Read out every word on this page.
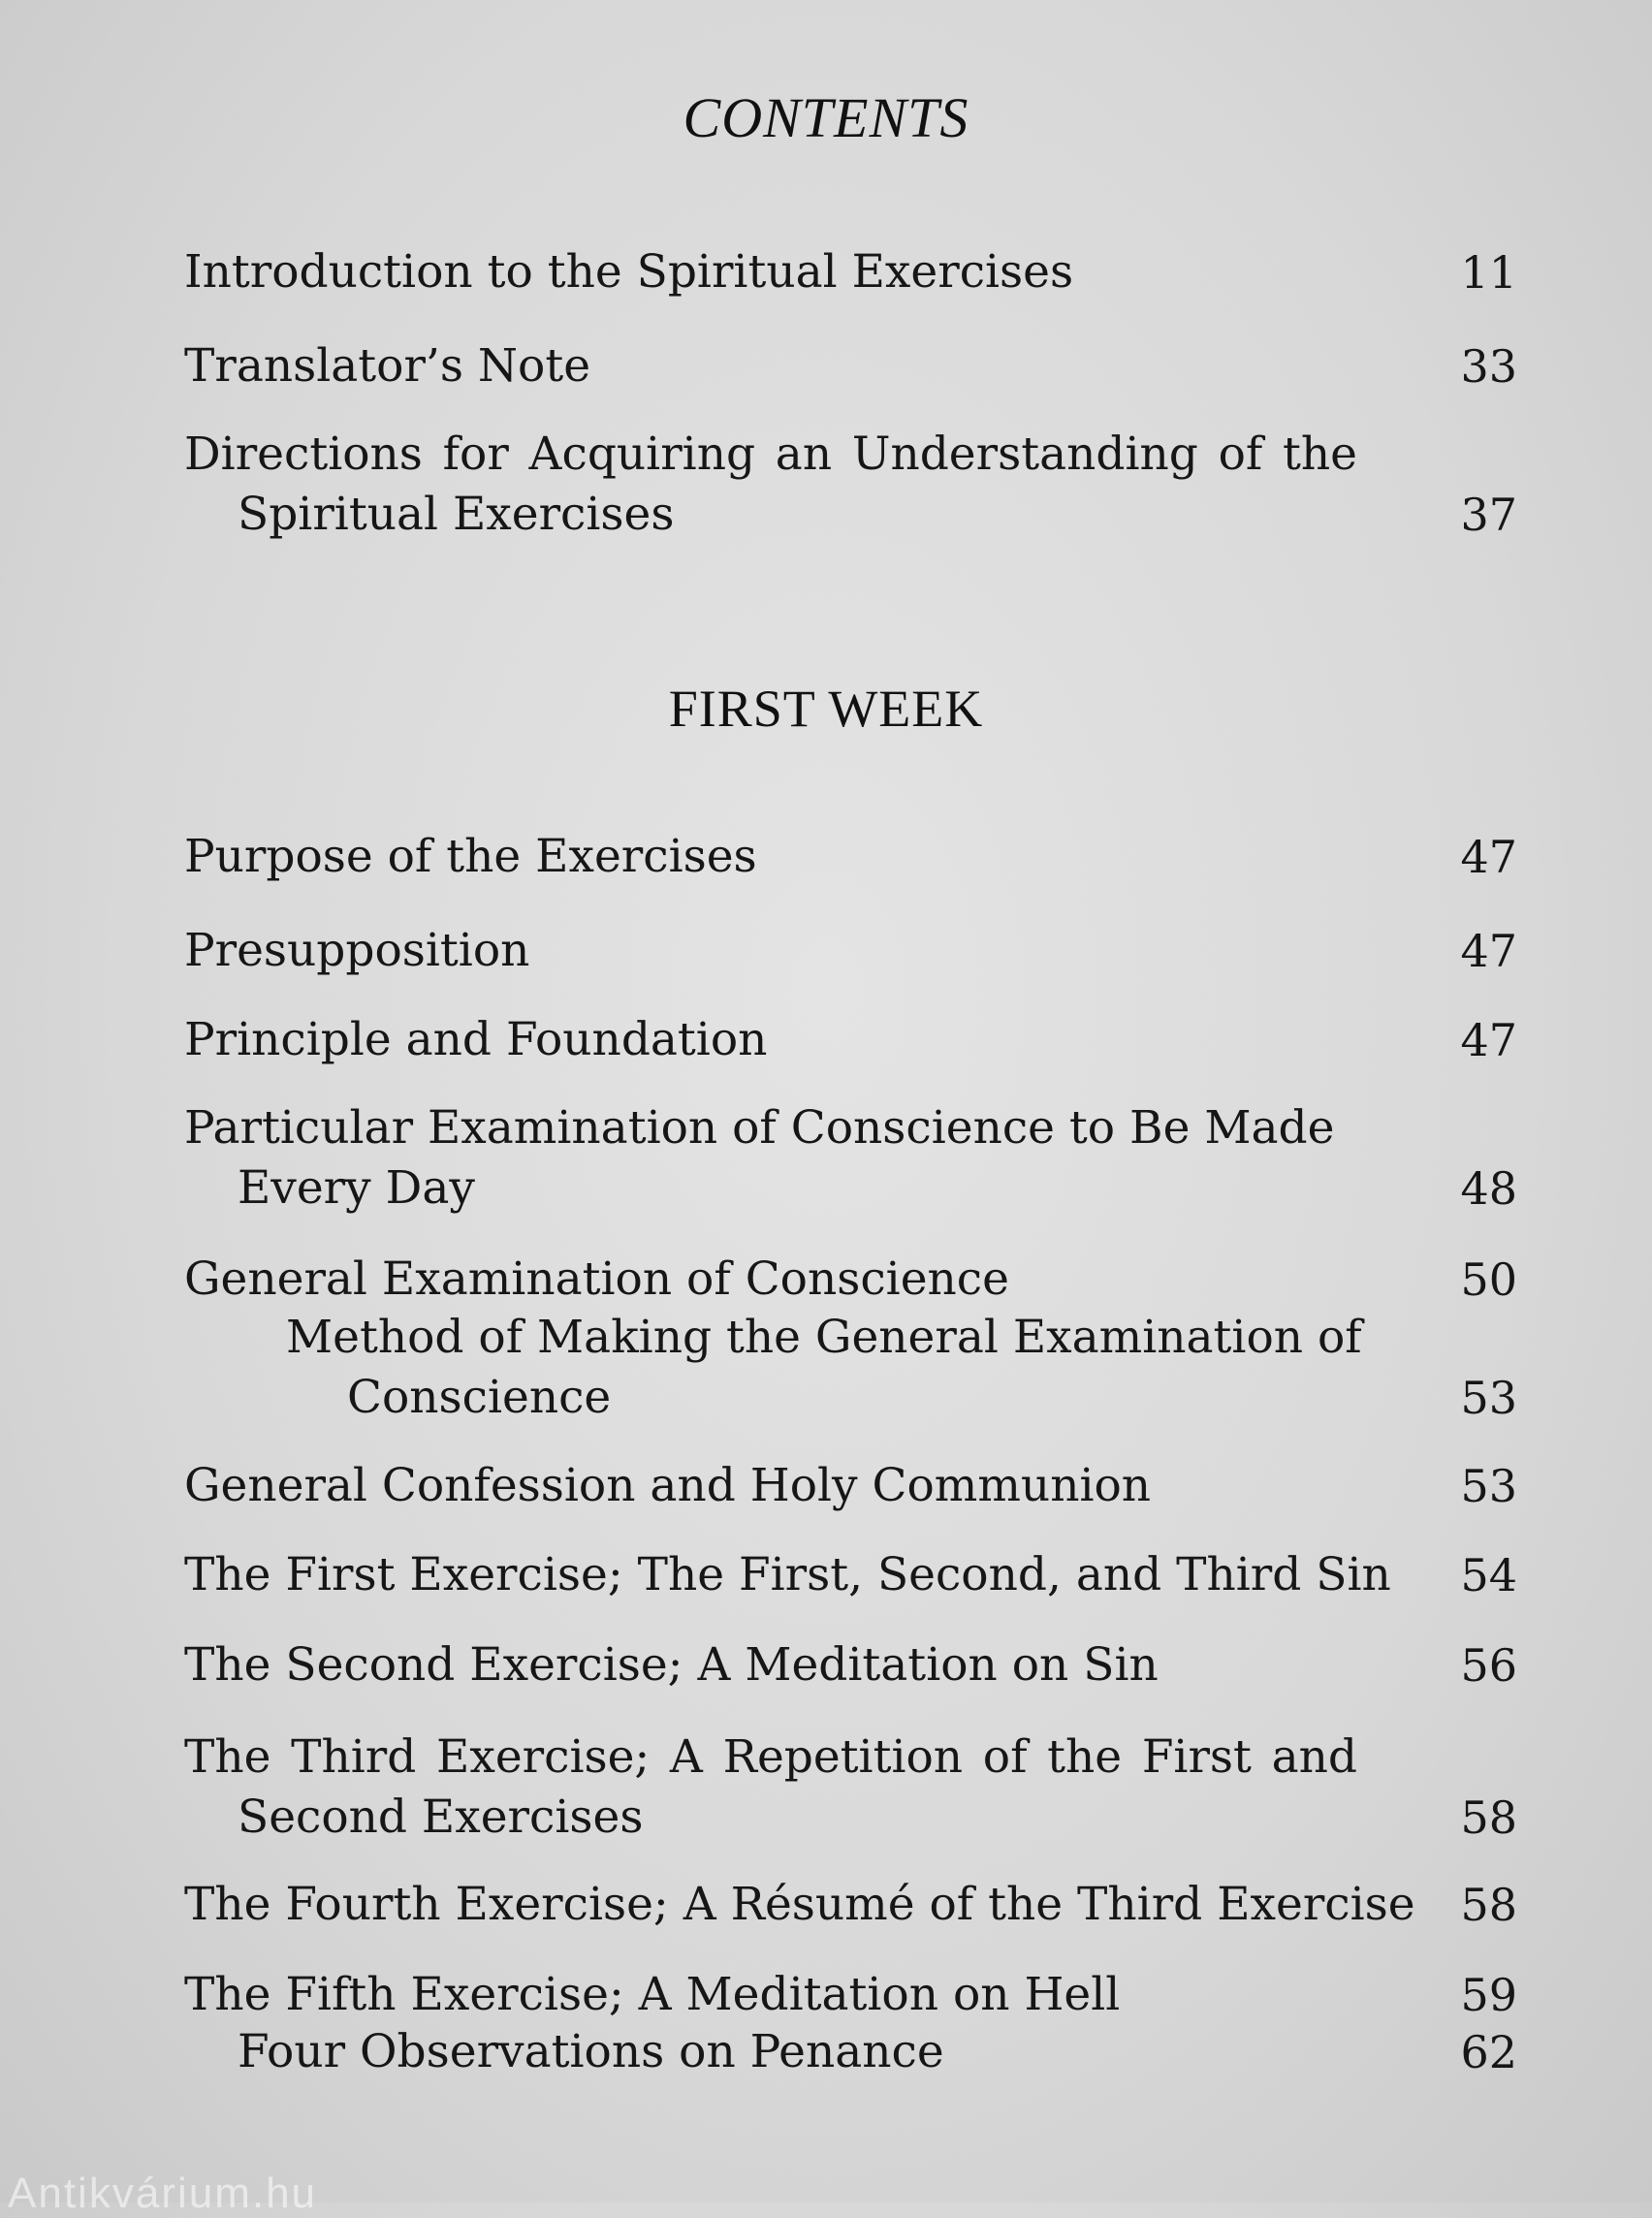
CONTENTS
Introduction to the Spiritual Exercises	11
Translator’s Note	33
Directions for Acquiring an Understanding of the
Spiritual Exercises	37
FIRST WEEK
Purpose of the Exercises	47
Presupposition	47
Principle and Foundation	47
Particular Examination of Conscience to Be Made
Every Day	48
General Examination of Conscience	50
Method of Making the General Examination of
Conscience	53
General Confession and Holy Communion	53
The First Exercise; The First, Second, and Third Sin	54
The Second Exercise; A Meditation on Sin	56
The Third Exercise; A Repetition of the First and
Second Exercises	58
The Fourth Exercise; A Résumé of the Third Exercise	58
The Fifth Exercise; A Meditation on Hell	59
Four Observations on Penance	62
Antikvárium.hu
